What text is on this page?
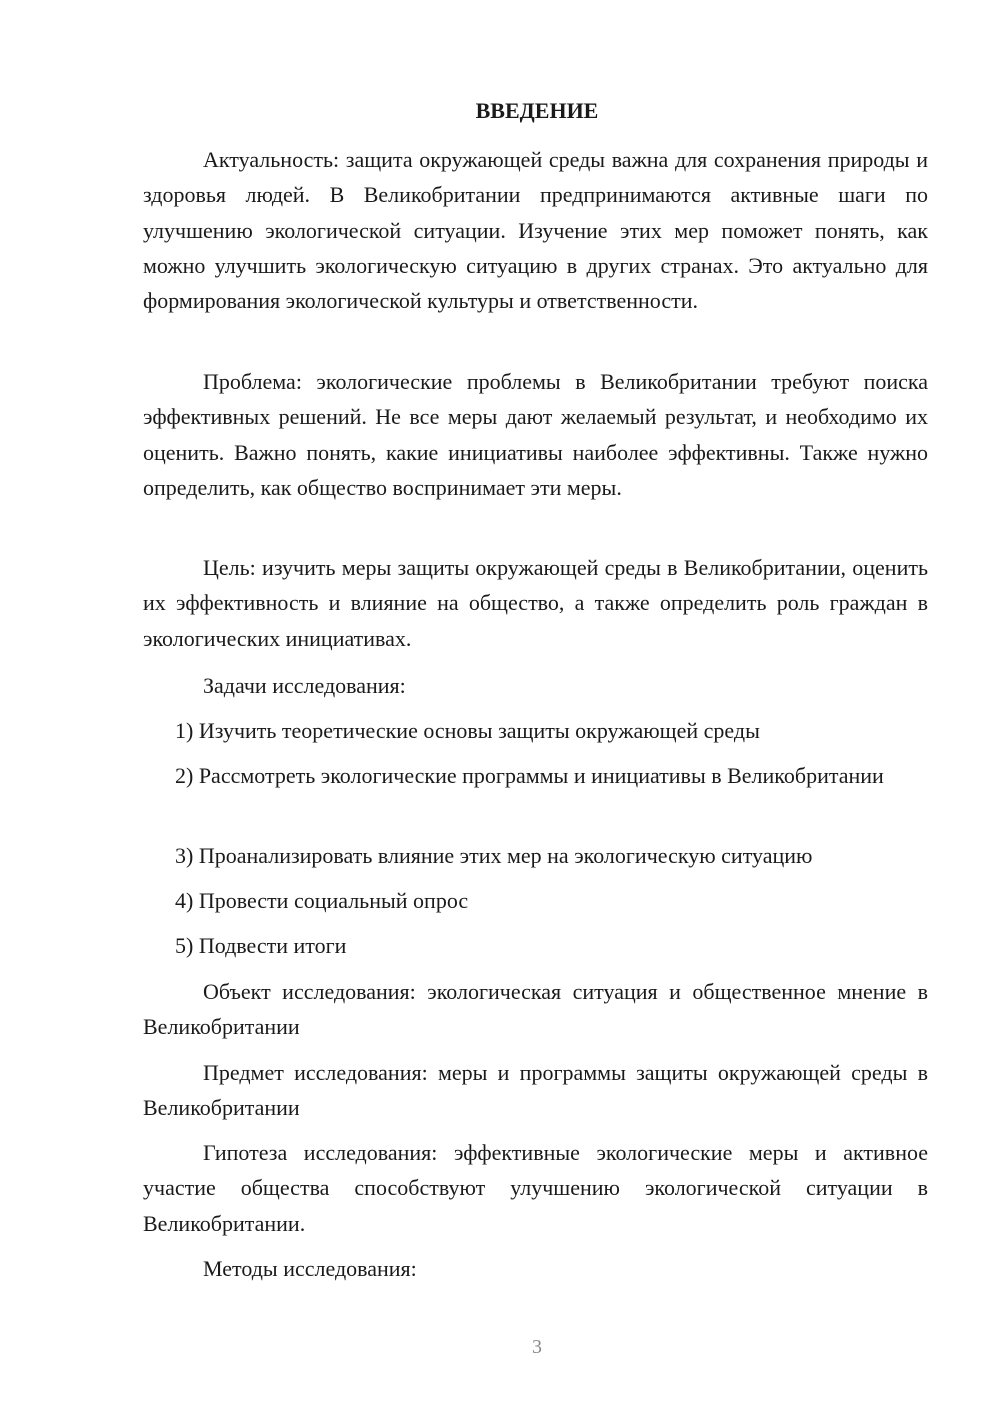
ВВЕДЕНИЕ

Актуальность: защита окружающей среды важна для сохранения природы и здоровья людей. В Великобритании предпринимаются активные шаги по улучшению экологической ситуации. Изучение этих мер поможет понять, как можно улучшить экологическую ситуацию в других странах. Это актуально для формирования экологической культуры и ответственности.

Проблема: экологические проблемы в Великобритании требуют поиска эффективных решений. Не все меры дают желаемый результат, и необходимо их оценить. Важно понять, какие инициативы наиболее эффективны. Также нужно определить, как общество воспринимает эти меры.

Цель: изучить меры защиты окружающей среды в Великобритании, оценить их эффективность и влияние на общество, а также определить роль граждан в экологических инициативах.

Задачи исследования:

1) Изучить теоретические основы защиты окружающей среды

2) Рассмотреть экологические программы и инициативы в Великобритании

3) Проанализировать влияние этих мер на экологическую ситуацию

4) Провести социальный опрос

5) Подвести итоги

Объект исследования: экологическая ситуация и общественное мнение в Великобритании

Предмет исследования: меры и программы защиты окружающей среды в Великобритании

Гипотеза исследования: эффективные экологические меры и активное участие общества способствуют улучшению экологической ситуации в Великобритании.

Методы исследования:

3
